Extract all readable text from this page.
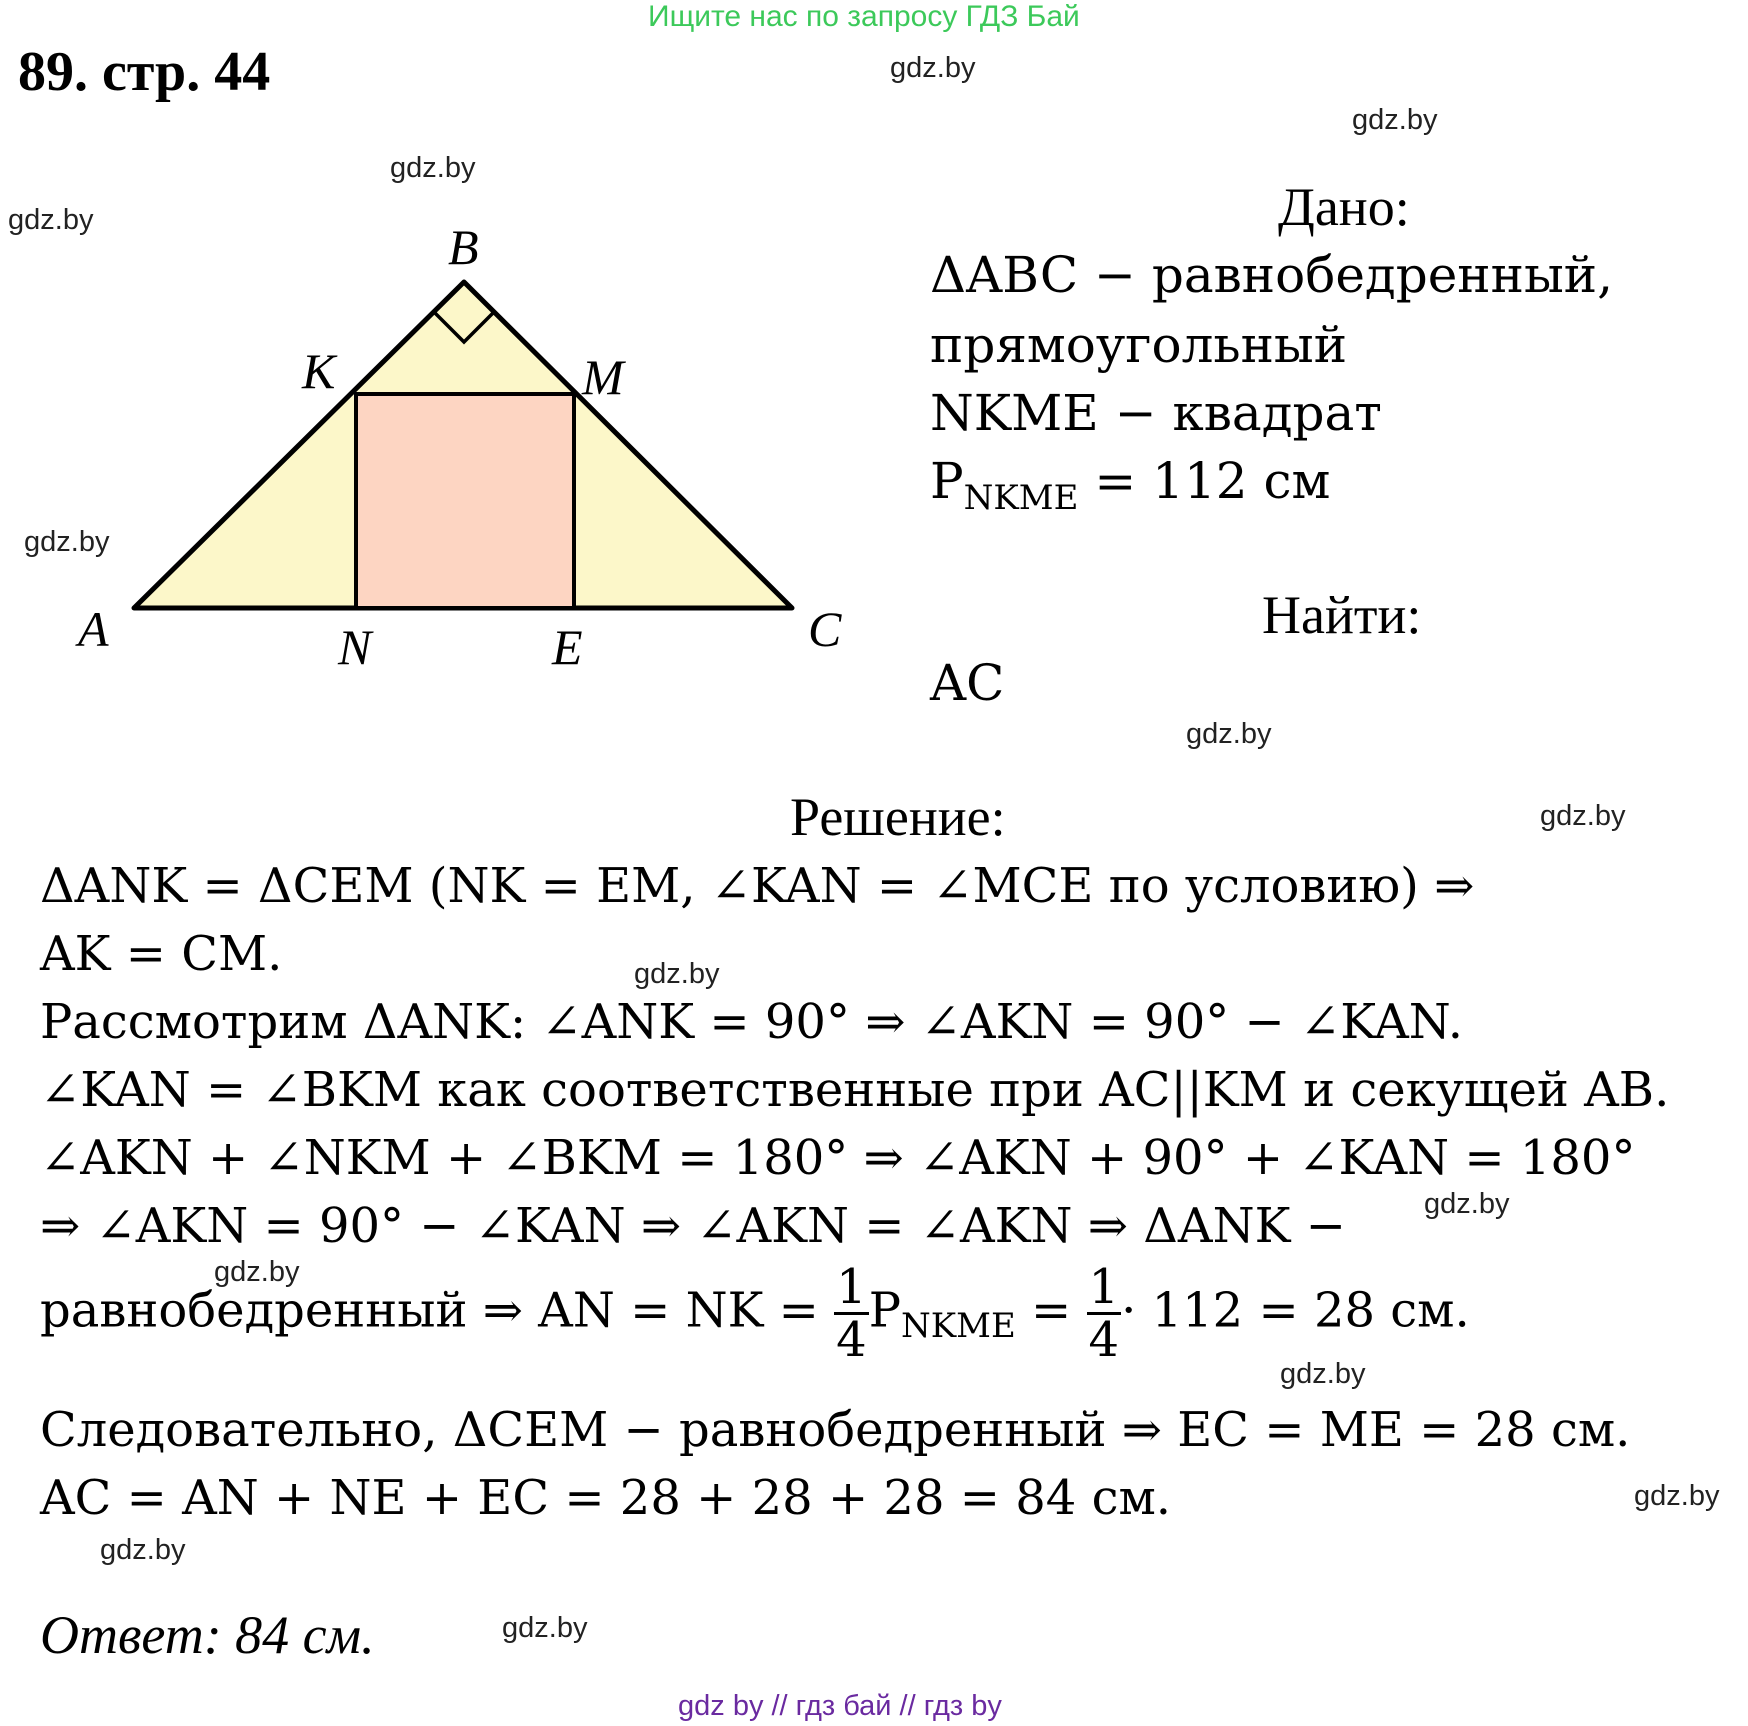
Ищите нас по запросу ГДЗ Бай
89. стр. 44	gdz.by
gdz.by
gdz.by
gdz.by
gdz.by
gdz.by
gdz.by
gdz.by
gdz.by
gdz.by
gdz.by
gdz.by
gdz.by
gdz.by
B
K	M
A	N	E	C
Дано:
ΔABC − равнобедренный,
прямоугольный
NKME − квадрат
$P_{NKME} = 112$ см
Найти:
AC
Решение:
ΔANK = ΔCEM (NK = EM, ∠KAN = ∠MCE по условию) ⇒
AK = CM.
Рассмотрим ΔANK: ∠ANK = 90° ⇒ ∠AKN = 90° − ∠KAN.
∠KAN = ∠BKM как соответственные при AC||KM и секущей AB.
∠AKN + ∠NKM + ∠BKM = 180° ⇒ ∠AKN + 90° + ∠KAN = 180°
⇒ ∠AKN = 90° − ∠KAN ⇒ ∠AKN = ∠AKN ⇒ ΔANK −
равнобедренный ⇒ AN = NK = $\frac{1}{4} P_{NKME} = \frac{1}{4} \cdot 112 = 28$ см.
Следовательно, ΔCEM − равнобедренный ⇒ EC = ME = 28 см.
AC = AN + NE + EC = 28 + 28 + 28 = 84 см.
Ответ: 84 см.
gdz by // гдз бай // гдз by
